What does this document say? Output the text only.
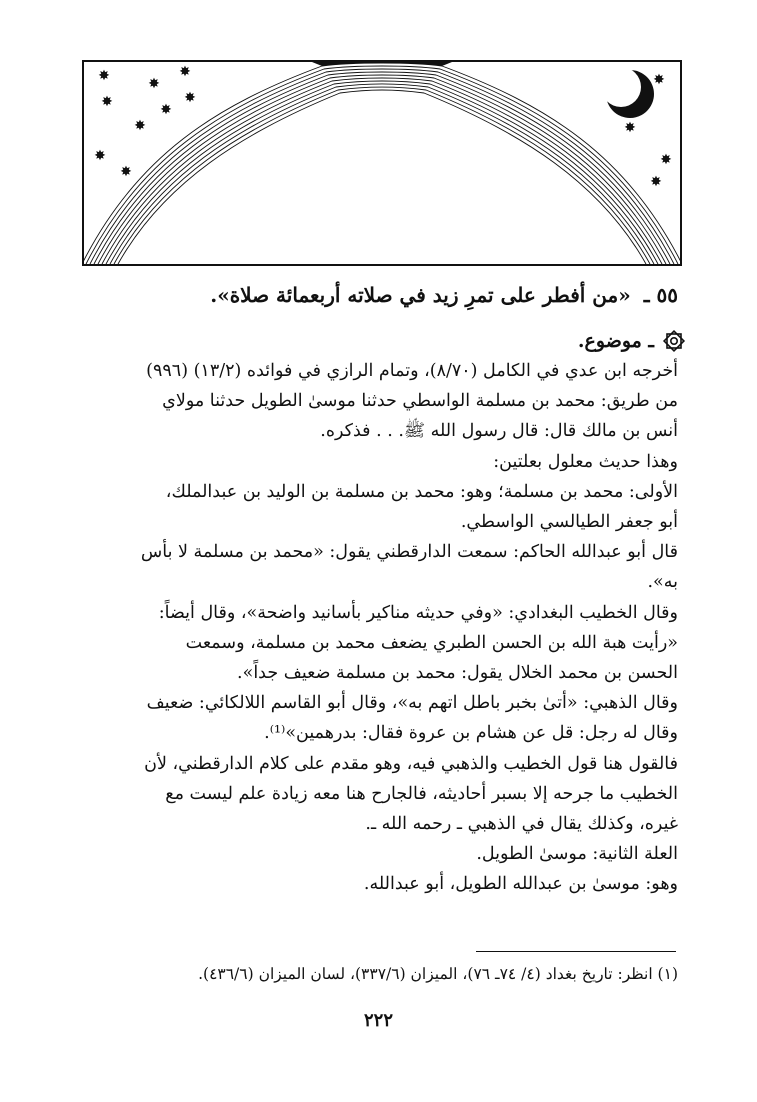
✸	✸
✸
✸	✸
✸
✸
✸
✸
✸
✸
✸
✸
٥٥ ـ «من أفطر على تمرِ زيد في صلاته أربعمائة صلاة».
ـ موضوع.

أخرجه ابن عدي في الكامل (٨/٧٠)، وتمام الرازي في فوائده (١٣/٢) (٩٩٦)

من طريق: محمد بن مسلمة الواسطي حدثنا موسىٰ الطويل حدثنا مولاي

أنس بن مالك قال: قال رسول الله ﷺ. . . فذكره.

وهذا حديث معلول بعلتين:

الأولى: محمد بن مسلمة؛ وهو: محمد بن مسلمة بن الوليد بن عبدالملك،

أبو جعفر الطيالسي الواسطي.

قال أبو عبدالله الحاكم: سمعت الدارقطني يقول: «محمد بن مسلمة لا بأس

به».

وقال الخطيب البغدادي: «وفي حديثه مناكير بأسانيد واضحة»، وقال أيضاً:

«رأيت هبة الله بن الحسن الطبري يضعف محمد بن مسلمة، وسمعت

الحسن بن محمد الخلال يقول: محمد بن مسلمة ضعيف جداً».

وقال الذهبي: «أتىٰ بخبر باطل اتهم به»، وقال أبو القاسم اللالكائي: ضعيف

وقال له رجل: قل عن هشام بن عروة فقال: بدرهمين»⁽¹⁾.

فالقول هنا قول الخطيب والذهبي فيه، وهو مقدم على كلام الدارقطني، لأن

الخطيب ما جرحه إلا بسبر أحاديثه، فالجارح هنا معه زيادة علم ليست مع

غيره، وكذلك يقال في الذهبي ـ رحمه الله ـ.

العلة الثانية: موسىٰ الطويل.

وهو: موسىٰ بن عبدالله الطويل، أبو عبدالله.

(١) انظر: تاريخ بغداد (٤/ ٧٤ـ ٧٦)، الميزان (٣٣٧/٦)، لسان الميزان (٤٣٦/٦).
٢٢٢
